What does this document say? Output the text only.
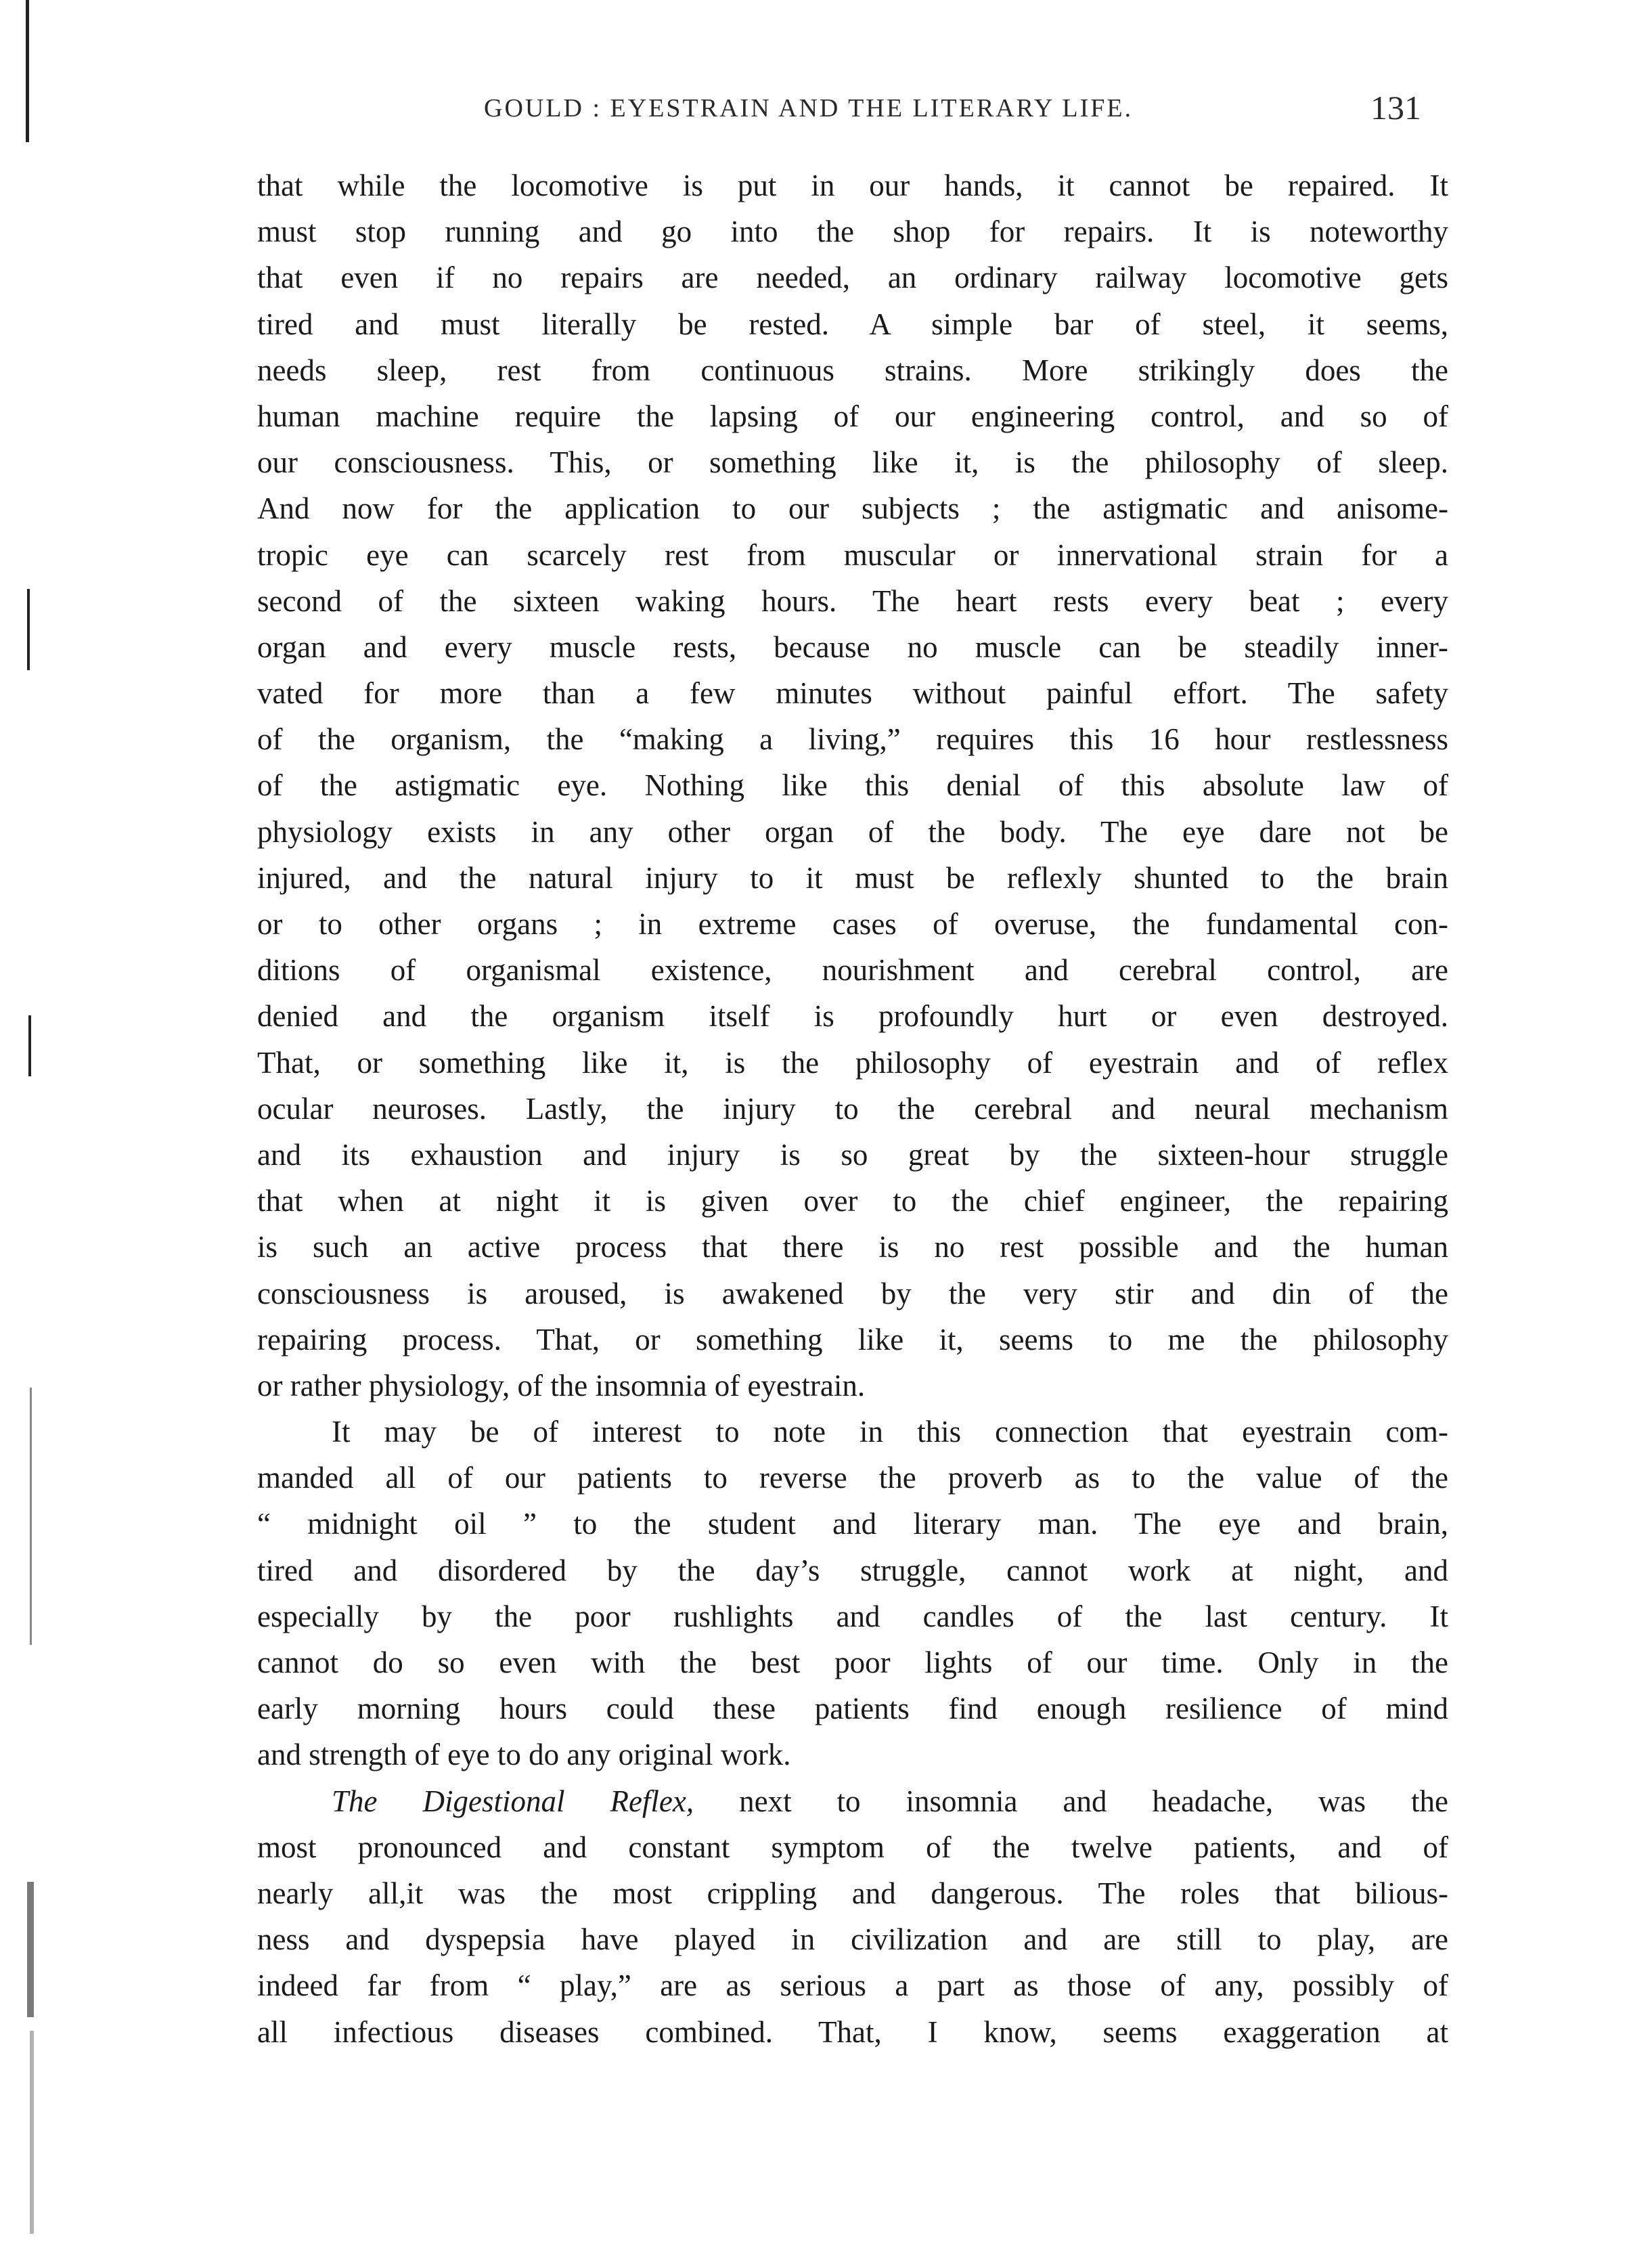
GOULD : EYESTRAIN AND THE LITERARY LIFE.	131
that while the locomotive is put in our hands, it cannot be repaired. It
must stop running and go into the shop for repairs. It is noteworthy
that even if no repairs are needed, an ordinary railway locomotive gets
tired and must literally be rested. A simple bar of steel, it seems,
needs sleep, rest from continuous strains. More strikingly does the
human machine require the lapsing of our engineering control, and so of
our consciousness. This, or something like it, is the philosophy of sleep.
And now for the application to our subjects ; the astigmatic and anisome-
tropic eye can scarcely rest from muscular or innervational strain for a
second of the sixteen waking hours. The heart rests every beat ; every
organ and every muscle rests, because no muscle can be steadily inner-
vated for more than a few minutes without painful effort. The safety
of the organism, the “making a living,” requires this 16 hour restlessness
of the astigmatic eye. Nothing like this denial of this absolute law of
physiology exists in any other organ of the body. The eye dare not be
injured, and the natural injury to it must be reflexly shunted to the brain
or to other organs ; in extreme cases of overuse, the fundamental con-
ditions of organismal existence, nourishment and cerebral control, are
denied and the organism itself is profoundly hurt or even destroyed.
That, or something like it, is the philosophy of eyestrain and of reflex
ocular neuroses. Lastly, the injury to the cerebral and neural mechanism
and its exhaustion and injury is so great by the sixteen-hour struggle
that when at night it is given over to the chief engineer, the repairing
is such an active process that there is no rest possible and the human
consciousness is aroused, is awakened by the very stir and din of the
repairing process. That, or something like it, seems to me the philosophy
or rather physiology, of the insomnia of eyestrain.
It may be of interest to note in this connection that eyestrain com-
manded all of our patients to reverse the proverb as to the value of the
“ midnight oil ” to the student and literary man. The eye and brain,
tired and disordered by the day’s struggle, cannot work at night, and
especially by the poor rushlights and candles of the last century. It
cannot do so even with the best poor lights of our time. Only in the
early morning hours could these patients find enough resilience of mind
and strength of eye to do any original work.
The Digestional Reflex, next to insomnia and headache, was the
most pronounced and constant symptom of the twelve patients, and of
nearly all,it was the most crippling and dangerous. The roles that bilious-
ness and dyspepsia have played in civilization and are still to play, are
indeed far from “ play,” are as serious a part as those of any, possibly of
all infectious diseases combined. That, I know, seems exaggeration at
